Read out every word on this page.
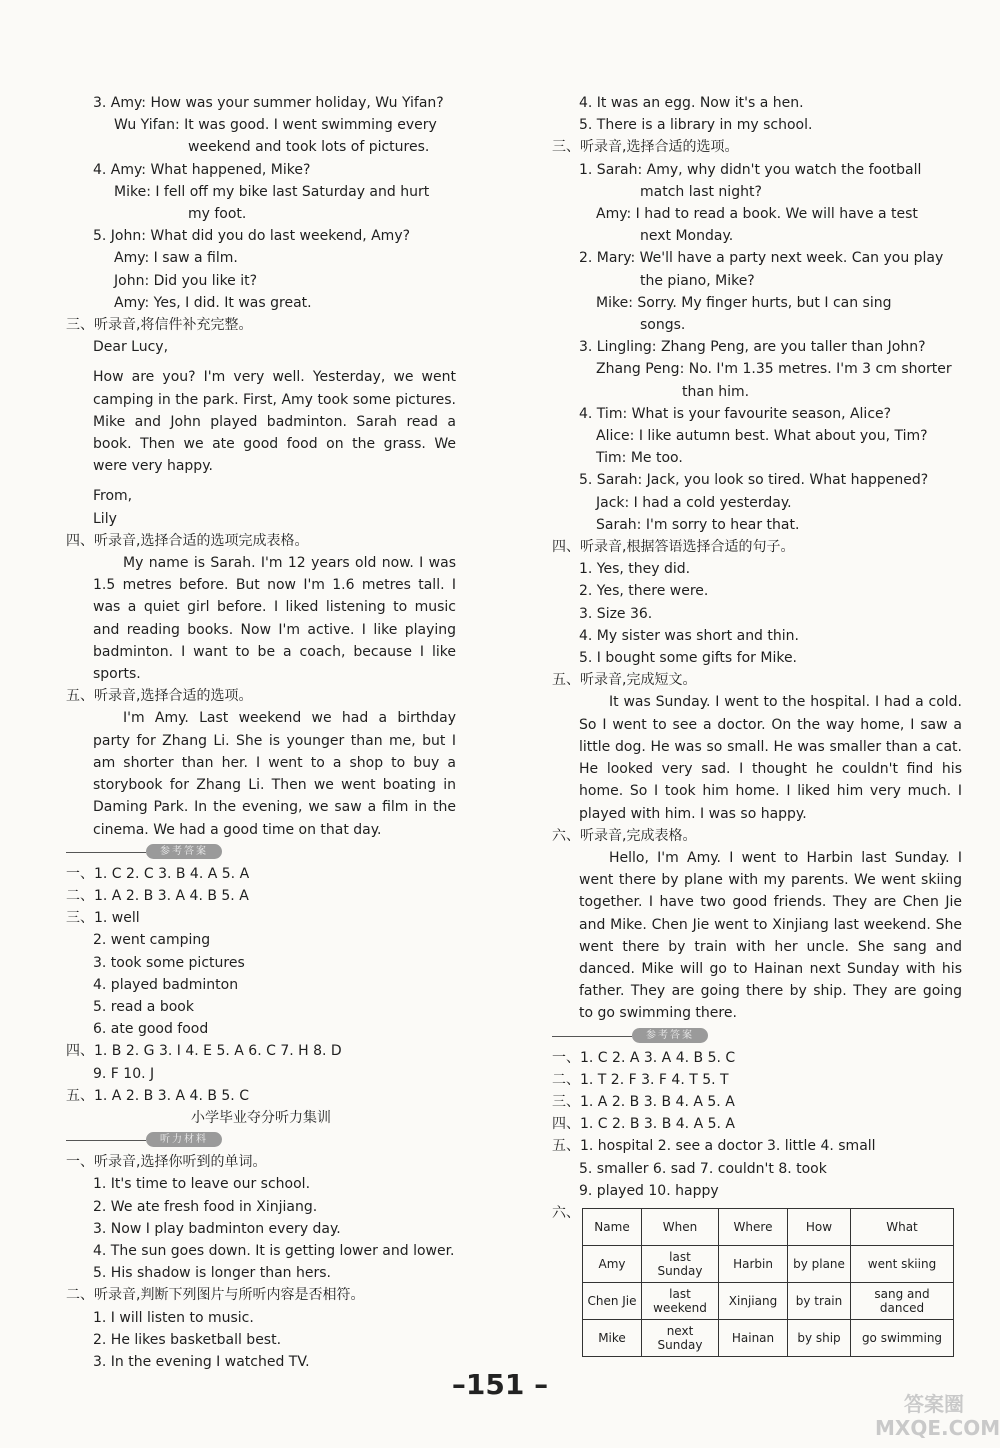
3. Amy: How was your summer holiday, Wu Yifan?
Wu Yifan: It was good. I went swimming every
weekend and took lots of pictures.
4. Amy: What happened, Mike?
Mike: I fell off my bike last Saturday and hurt
my foot.
5. John: What did you do last weekend, Amy?
Amy: I saw a film.
John: Did you like it?
Amy: Yes, I did. It was great.
三、听录音,将信件补充完整。
Dear Lucy,
How are you? I'm very well. Yesterday, we went camping in the park. First, Amy took some pictures. Mike and John played badminton. Sarah read a book. Then we ate good food on the grass. We were very happy.
From,
Lily
四、听录音,选择合适的选项完成表格。
My name is Sarah. I'm 12 years old now. I was 1.5 metres before. But now I'm 1.6 metres tall. I was a quiet girl before. I liked listening to music and reading books. Now I'm active. I like playing badminton. I want to be a coach, because I like sports.
五、听录音,选择合适的选项。
I'm Amy. Last weekend we had a birthday party for Zhang Li. She is younger than me, but I am shorter than her. I went to a shop to buy a storybook for Zhang Li. Then we went boating in Daming Park. In the evening, we saw a film in the cinema. We had a good time on that day.
参考答案
一、1. C 2. C 3. B 4. A 5. A
二、1. A 2. B 3. A 4. B 5. A
三、1. well
2. went camping
3. took some pictures
4. played badminton
5. read a book
6. ate good food
四、1. B 2. G 3. I 4. E 5. A 6. C 7. H 8. D
9. F 10. J
五、1. A 2. B 3. A 4. B 5. C
小学毕业夺分听力集训
听力材料
一、听录音,选择你听到的单词。
1. It's time to leave our school.
2. We ate fresh food in Xinjiang.
3. Now I play badminton every day.
4. The sun goes down. It is getting lower and lower.
5. His shadow is longer than hers.
二、听录音,判断下列图片与所听内容是否相符。
1. I will listen to music.
2. He likes basketball best.
3. In the evening I watched TV.
4. It was an egg. Now it's a hen.
5. There is a library in my school.
三、听录音,选择合适的选项。
1. Sarah: Amy, why didn't you watch the football
match last night?
Amy: I had to read a book. We will have a test
next Monday.
2. Mary: We'll have a party next week. Can you play
the piano, Mike?
Mike: Sorry. My finger hurts, but I can sing
songs.
3. Lingling: Zhang Peng, are you taller than John?
Zhang Peng: No. I'm 1.35 metres. I'm 3 cm shorter
than him.
4. Tim: What is your favourite season, Alice?
Alice: I like autumn best. What about you, Tim?
Tim: Me too.
5. Sarah: Jack, you look so tired. What happened?
Jack: I had a cold yesterday.
Sarah: I'm sorry to hear that.
四、听录音,根据答语选择合适的句子。
1. Yes, they did.
2. Yes, there were.
3. Size 36.
4. My sister was short and thin.
5. I bought some gifts for Mike.
五、听录音,完成短文。
It was Sunday. I went to the hospital. I had a cold. So I went to see a doctor. On the way home, I saw a little dog. He was so small. He was smaller than a cat. He looked very sad. I thought he couldn't find his home. So I took him home. I liked him very much. I played with him. I was so happy.
六、听录音,完成表格。
Hello, I'm Amy. I went to Harbin last Sunday. I went there by plane with my parents. We went skiing together. I have two good friends. They are Chen Jie and Mike. Chen Jie went to Xinjiang last weekend. She went there by train with her uncle. She sang and danced. Mike will go to Hainan next Sunday with his father. They are going there by ship. They are going to go swimming there.
参考答案
一、1. C 2. A 3. A 4. B 5. C
二、1. T 2. F 3. F 4. T 5. T
三、1. A 2. B 3. B 4. A 5. A
四、1. C 2. B 3. B 4. A 5. A
五、1. hospital 2. see a doctor 3. little 4. small
5. smaller 6. sad 7. couldn't 8. took
9. played 10. happy
六、
Name	When	Where	How	What
Amy	last Sunday	Harbin	by plane	went skiing
Chen Jie	last weekend	Xinjiang	by train	sang and danced
Mike	next Sunday	Hainan	by ship	go swimming
–151 –
答案圈 MXQE.COM
